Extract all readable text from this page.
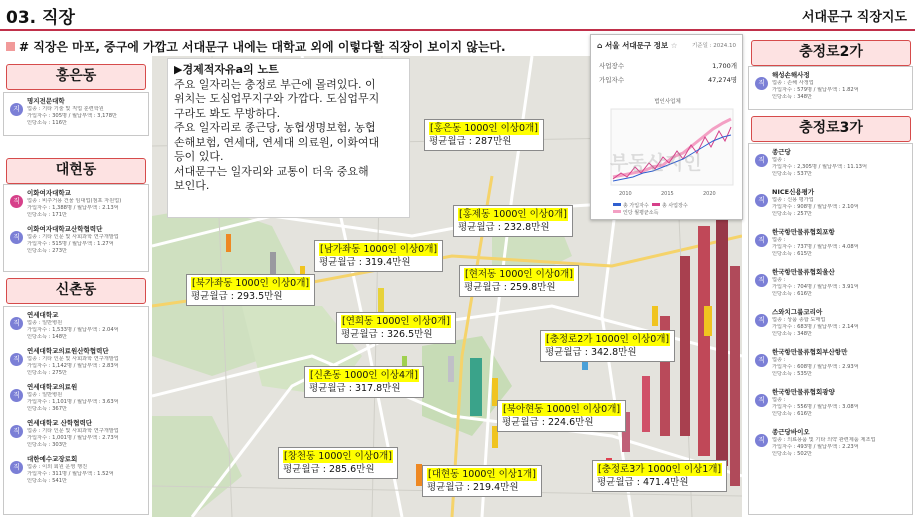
03. 직장	서대문구 직장지도
# 직장은 마포, 중구에 가깝고 서대문구 내에는 대학교 외에 이렇다할 직장이 보이지 않는다.
홍은동
지
명지전문대학
업종 : 기타 기술 및 직업 훈련학원
가입자수 : 305명 / 월납부액 : 3,178만
인당소득 : 116만
대현동
직
이화여자대학교
업종 : 비주거용 건물 임대업(점포 자원업)
가입자수 : 1,388명 / 월납부액 : 2.13억
인당소득 : 171만
직
이화여자대학교산학협력단
업종 : 기타 인문 및 사회과학 연구개발업
가입자수 : 515명 / 월납부액 : 1.27억
인당소득 : 273만
신촌동
직
연세대학교
업종 : 일반병원
가입자수 : 1,533명 / 월납부액 : 2.04억
인당소득 : 148만
직
연세대학교의료원산학협력단
업종 : 기타 인문 및 사회과학 연구개발업
가입자수 : 1,142명 / 월납부액 : 2.83억
인당소득 : 275만
직
연세대학교의료원
업종 : 일반병원
가입자수 : 1,101명 / 월납부액 : 3.63억
인당소득 : 367만
직
연세대학교 산학협력단
업종 : 기타 인문 및 사회과학 연구개발업
가입자수 : 1,001명 / 월납부액 : 2.73억
인당소득 : 303만
직
대한예수교장로회
업종 : 이외 회원 운영 행진
가입자수 : 311명 / 월납부액 : 1.52억
인당소득 : 541만
충정로2가
직
해성손해사정
업종 : 손해 사정업
가입자수 : 579명 / 월납부액 : 1.82억
인당소득 : 348만
충정로3가
직
종근당
업종 :
가입자수 : 2,305명 / 월납부액 : 11.13억
인당소득 : 537만
직
NICE신용평가
업종 : 신용 평가업
가입자수 : 908명 / 월납부액 : 2.10억
인당소득 : 257만
직
한국항만물류협회포항
업종 :
가입자수 : 737명 / 월납부액 : 4.08억
인당소득 : 615만
직
한국항만물류협회울산
업종 :
가입자수 : 704명 / 월납부액 : 3.91억
인당소득 : 616만
직
스와치그룹코리아
업종 : 상품 종합 도매업
가입자수 : 683명 / 월납부액 : 2.14억
인당소득 : 348만
직
한국항만물류협회부산항만
업종 :
가입자수 : 608명 / 월납부액 : 2.93억
인당소득 : 535만
직
한국항만물류협회광양
업종 :
가입자수 : 556명 / 월납부액 : 3.08억
인당소득 : 616만
직
종근당바이오
업종 : 의료용품 및 기타 의약 관련제품 제조업
가입자수 : 493명 / 월납부액 : 2.23억
인당소득 : 502만
▶경제적자유a의 노트
주요 일자리는 충정로 부근에 몰려있다. 이
위치는 도심업무지구와 가깝다. 도심업무지
구라도 봐도 무방하다.
주요 일자리로 종근당, 농협생명보험, 농협
손해보험, 연세대, 연세대 의료원, 이화여대
등이 있다.
서대문구는 일자리와 교통이 더욱 중요해
보인다.
⌂ 서울 서대문구 정보 ☆	기준일 : 2024.10
사업장수	1,700개
가입자수	47,274명
법인사업체
2010	2015	2020
총 가입자수	총 사업장수
인당 월평균소득
부동산지인
[홍은동 1000인 이상0개]
평균월급 : 287만원
[홍제동 1000인 이상0개]
평균월급 : 232.8만원
[남가좌동 1000인 이상0개]
평균월급 : 319.4만원
[북가좌동 1000인 이상0개]
평균월급 : 293.5만원
[현저동 1000인 이상0개]
평균월급 : 259.8만원
[연희동 1000인 이상0개]
평균월급 : 326.5만원	[충정로2가 1000인 이상0개]
평균월급 : 342.8만원
[신촌동 1000인 이상4개]
평균월급 : 317.8만원
[북아현동 1000인 이상0개]
평균월급 : 224.6만원
[창천동 1000인 이상0개]
평균월급 : 285.6만원	[대현동 1000인 이상1개]
평균월급 : 219.4만원
[충정로3가 1000인 이상1개]
평균월급 : 471.4만원
